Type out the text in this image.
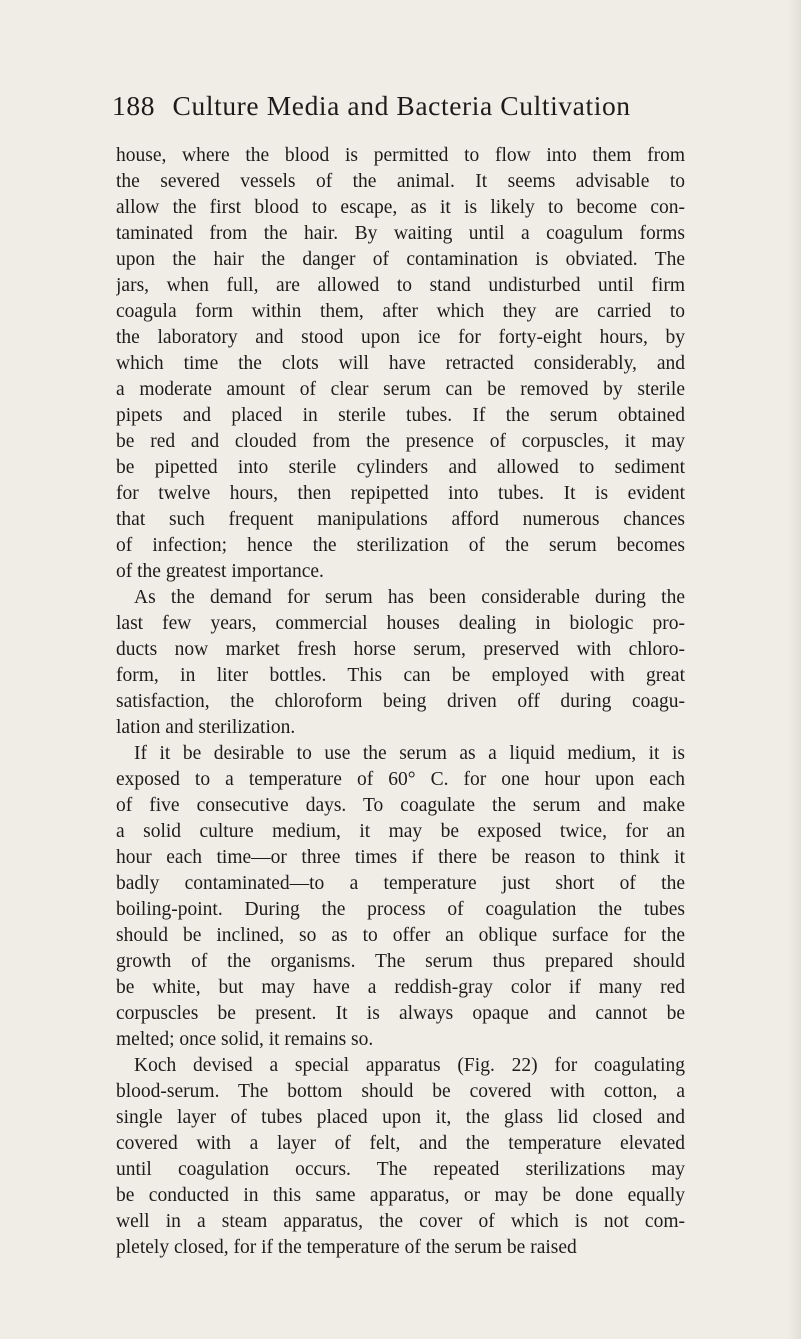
188 Culture Media and Bacteria Cultivation
house, where the blood is permitted to flow into them from
the severed vessels of the animal. It seems advisable to
allow the first blood to escape, as it is likely to become con-
taminated from the hair. By waiting until a coagulum forms
upon the hair the danger of contamination is obviated. The
jars, when full, are allowed to stand undisturbed until firm
coagula form within them, after which they are carried to
the laboratory and stood upon ice for forty-eight hours, by
which time the clots will have retracted considerably, and
a moderate amount of clear serum can be removed by sterile
pipets and placed in sterile tubes. If the serum obtained
be red and clouded from the presence of corpuscles, it may
be pipetted into sterile cylinders and allowed to sediment
for twelve hours, then repipetted into tubes. It is evident
that such frequent manipulations afford numerous chances
of infection; hence the sterilization of the serum becomes
of the greatest importance.
As the demand for serum has been considerable during the
last few years, commercial houses dealing in biologic pro-
ducts now market fresh horse serum, preserved with chloro-
form, in liter bottles. This can be employed with great
satisfaction, the chloroform being driven off during coagu-
lation and sterilization.
If it be desirable to use the serum as a liquid medium, it is
exposed to a temperature of 60° C. for one hour upon each
of five consecutive days. To coagulate the serum and make
a solid culture medium, it may be exposed twice, for an
hour each time—or three times if there be reason to think it
badly contaminated—to a temperature just short of the
boiling-point. During the process of coagulation the tubes
should be inclined, so as to offer an oblique surface for the
growth of the organisms. The serum thus prepared should
be white, but may have a reddish-gray color if many red
corpuscles be present. It is always opaque and cannot be
melted; once solid, it remains so.
Koch devised a special apparatus (Fig. 22) for coagulating
blood-serum. The bottom should be covered with cotton, a
single layer of tubes placed upon it, the glass lid closed and
covered with a layer of felt, and the temperature elevated
until coagulation occurs. The repeated sterilizations may
be conducted in this same apparatus, or may be done equally
well in a steam apparatus, the cover of which is not com-
pletely closed, for if the temperature of the serum be raised
